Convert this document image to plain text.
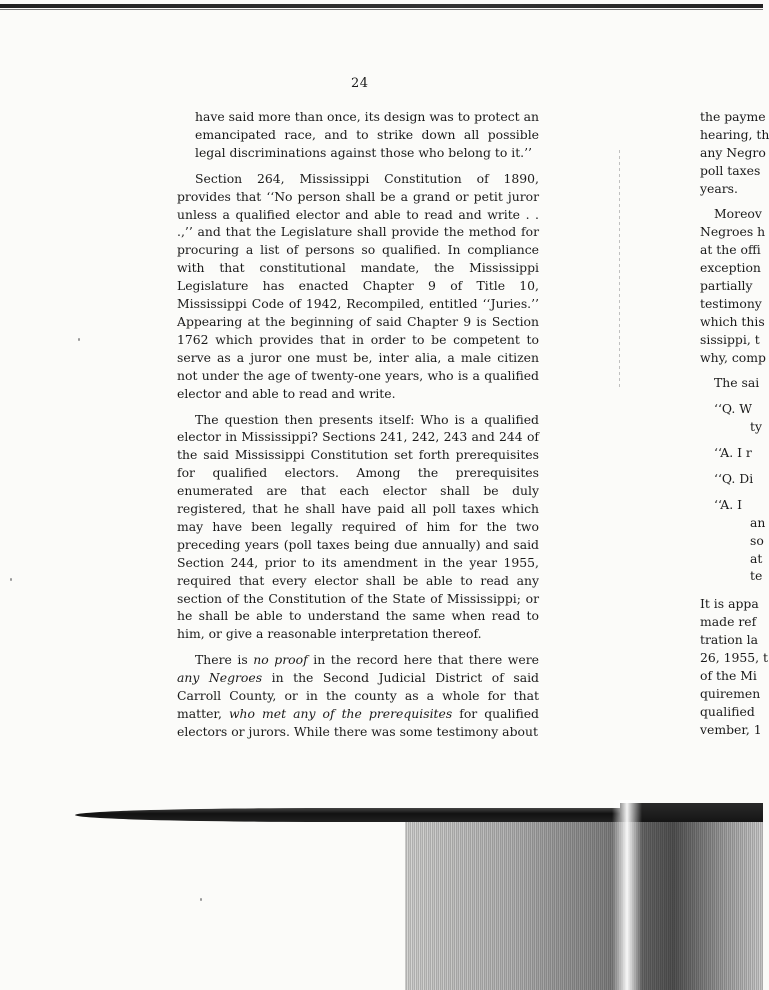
24

have said more than once, its design was to protect an emancipated race, and to strike down all possible legal discriminations against those who belong to it.’’

Section 264, Mississippi Constitution of 1890, provides that ‘‘No person shall be a grand or petit juror unless a qualified elector and able to read and write . . .,’’ and that the Legislature shall provide the method for procuring a list of persons so qualified. In compliance with that constitutional mandate, the Mississippi Legislature has enacted Chapter 9 of Title 10, Mississippi Code of 1942, Recompiled, entitled ‘‘Juries.’’ Appearing at the beginning of said Chapter 9 is Section 1762 which provides that in order to be competent to serve as a juror one must be, inter alia, a male citizen not under the age of twenty-one years, who is a qualified elector and able to read and write.

The question then presents itself: Who is a qualified elector in Mississippi? Sections 241, 242, 243 and 244 of the said Mississippi Constitution set forth prerequisites for qualified electors. Among the prerequisites enumerated are that each elector shall be duly registered, that he shall have paid all poll taxes which may have been legally required of him for the two preceding years (poll taxes being due annually) and said Section 244, prior to its amendment in the year 1955, required that every elector shall be able to read any section of the Constitution of the State of Mississippi; or he shall be able to understand the same when read to him, or give a reasonable interpretation thereof.

There is no proof in the record here that there were any Negroes in the Second Judicial District of said Carroll County, or in the county as a whole for that matter, who met any of the prerequisites for qualified electors or jurors. While there was some testimony about

the payme
hearing, th
any Negro
poll taxes
years.
Moreov
Negroes h
at the offi
exception
partially
testimony
which this
sissippi, t
why, comp
The sai
‘‘Q. W
ty
‘‘A. I r
‘‘Q. Di
‘‘A. I
an
so
at
te
It is appa
made ref
tration la
26, 1955, t
of the Mi
quiremen
qualified
vember, 1
